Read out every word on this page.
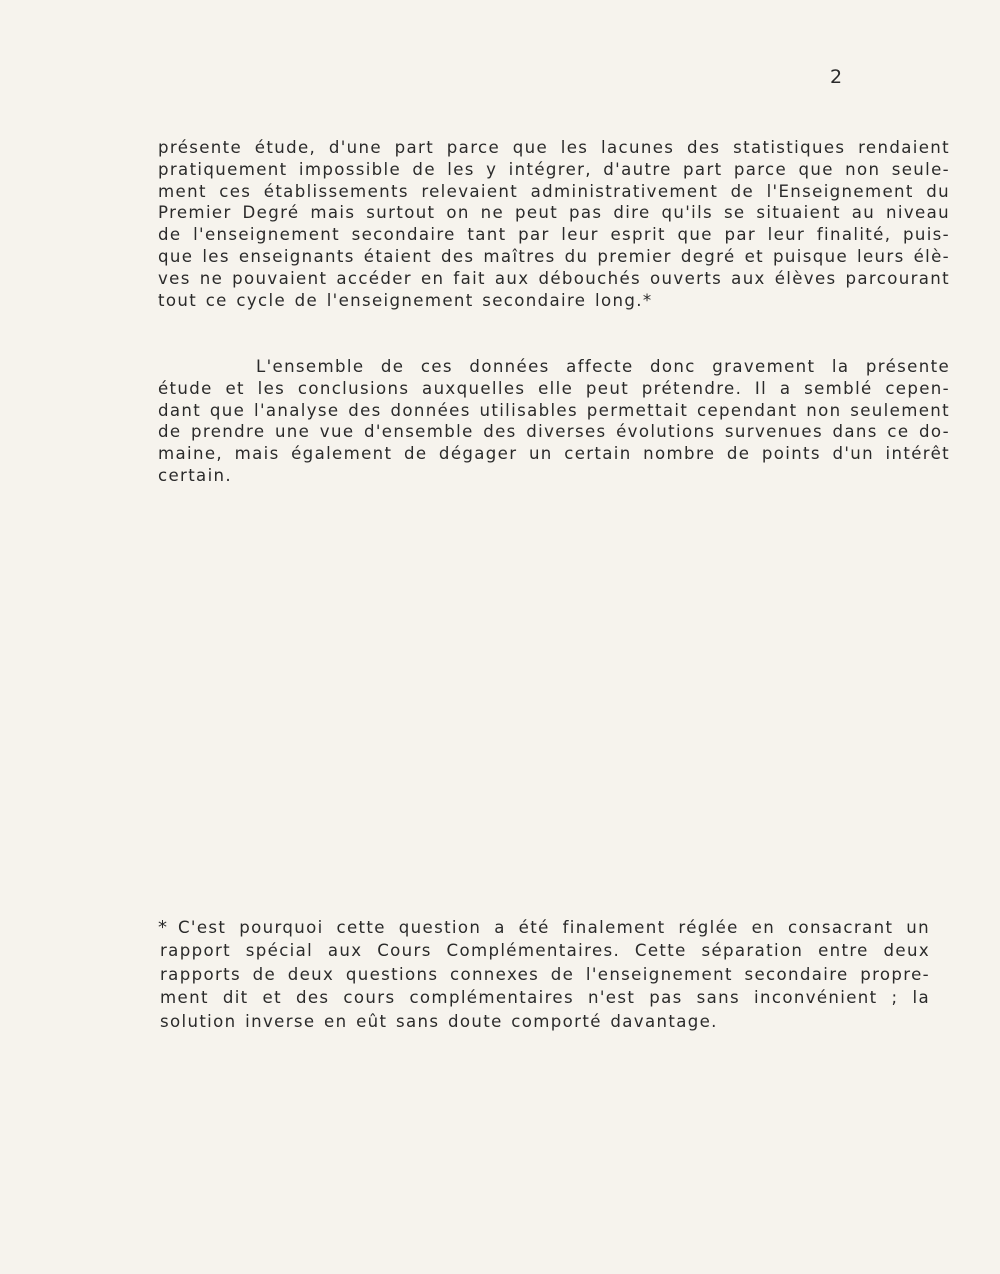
2
présente étude, d'une part parce que les lacunes des statistiques rendaient
pratiquement impossible de les y intégrer, d'autre part parce que non seule-
ment ces établissements relevaient administrativement de l'Enseignement du
Premier Degré mais surtout on ne peut pas dire qu'ils se situaient au niveau
de l'enseignement secondaire tant par leur esprit que par leur finalité, puis-
que les enseignants étaient des maîtres du premier degré et puisque leurs élè-
ves ne pouvaient accéder en fait aux débouchés ouverts aux élèves parcourant
tout ce cycle de l'enseignement secondaire long.*
L'ensemble de ces données affecte donc gravement la présente
étude et les conclusions auxquelles elle peut prétendre. Il a semblé cepen-
dant que l'analyse des données utilisables permettait cependant non seulement
de prendre une vue d'ensemble des diverses évolutions survenues dans ce do-
maine, mais également de dégager un certain nombre de points d'un intérêt
certain.
* C'est pourquoi cette question a été finalement réglée en consacrant un
rapport spécial aux Cours Complémentaires. Cette séparation entre deux
rapports de deux questions connexes de l'enseignement secondaire propre-
ment dit et des cours complémentaires n'est pas sans inconvénient ; la
solution inverse en eût sans doute comporté davantage.
